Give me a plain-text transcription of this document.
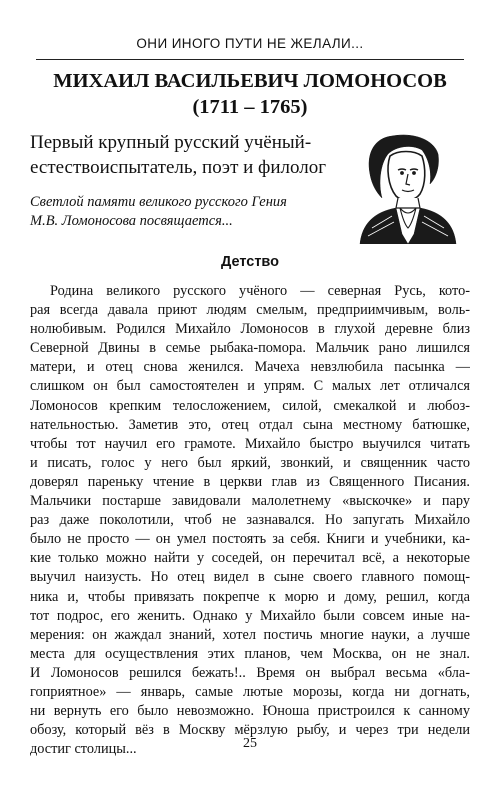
ОНИ ИНОГО ПУТИ НЕ ЖЕЛАЛИ...
МИХАИЛ ВАСИЛЬЕВИЧ ЛОМОНОСОВ
(1711 – 1765)
Первый крупный русский учёный-
естествоиспытатель, поэт и филолог
Светлой памяти великого русского Гения
М.В. Ломоносова посвящается...
Детство
Родина великого русского учёного — северная Русь, кото-
рая всегда давала приют людям смелым, предприимчивым, воль-
нолюбивым. Родился Михайло Ломоносов в глухой деревне близ
Северной Двины в семье рыбака-помора. Мальчик рано лишился
матери, и отец снова женился. Мачеха невзлюбила пасынка —
слишком он был самостоятелен и упрям. С малых лет отличался
Ломоносов крепким телосложением, силой, смекалкой и любоз-
нательностью. Заметив это, отец отдал сына местному батюшке,
чтобы тот научил его грамоте. Михайло быстро выучился читать
и писать, голос у него был яркий, звонкий, и священник часто
доверял пареньку чтение в церкви глав из Священного Писания.
Мальчики постарше завидовали малолетнему «выскочке» и пару
раз даже поколотили, чтоб не зазнавался. Но запугать Михайло
было не просто — он умел постоять за себя. Книги и учебники, ка-
кие только можно найти у соседей, он перечитал всё, а некоторые
выучил наизусть. Но отец видел в сыне своего главного помощ-
ника и, чтобы привязать покрепче к морю и дому, решил, когда
тот подрос, его женить. Однако у Михайло были совсем иные на-
мерения: он жаждал знаний, хотел постичь многие науки, а лучше
места для осуществления этих планов, чем Москва, он не знал.
И Ломоносов решился бежать!.. Время он выбрал весьма «бла-
гоприятное» — январь, самые лютые морозы, когда ни догнать,
ни вернуть его было невозможно. Юноша пристроился к санному
обозу, который вёз в Москву мёрзлую рыбу, и через три недели
достиг столицы...	25
